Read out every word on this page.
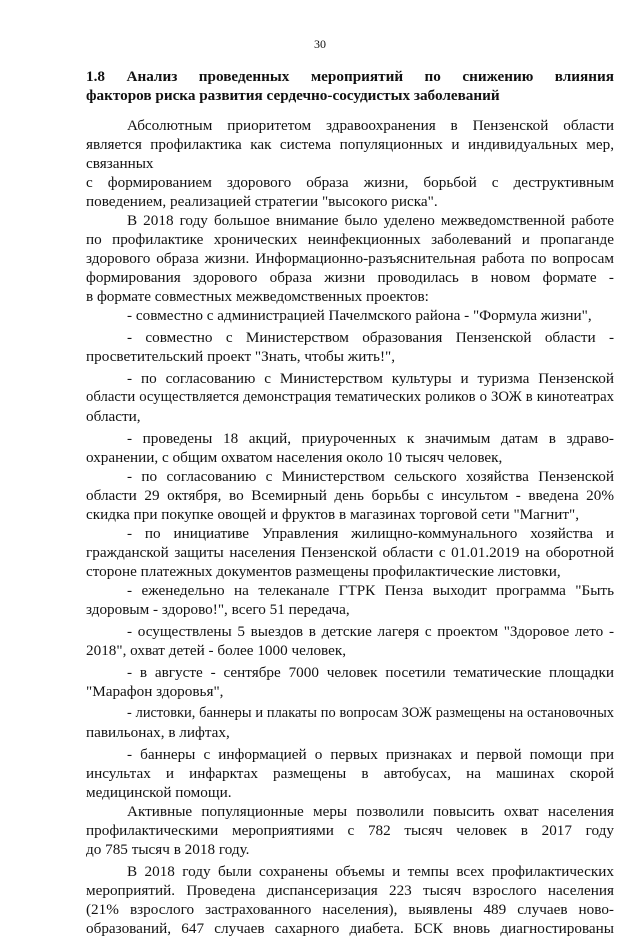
30
1.8 Анализ проведенных мероприятий по снижению влияния
факторов риска развития сердечно-сосудистых заболеваний
Абсолютным приоритетом здравоохранения в Пензенской области
является профилактика как система популяционных и индивидуальных мер,
связанных
с формированием здорового образа жизни, борьбой с деструктивным
поведением, реализацией стратегии "высокого риска".
В 2018 году большое внимание было уделено межведомственной работе
по профилактике хронических неинфекционных заболеваний и пропаганде
здорового образа жизни. Информационно-разъяснительная работа по вопросам
формирования здорового образа жизни проводилась в новом формате -
в формате совместных межведомственных проектов:
- совместно с администрацией Пачелмского района - "Формула жизни",
- совместно с Министерством образования Пензенской области -
просветительский проект "Знать, чтобы жить!",
- по согласованию с Министерством культуры и туризма Пензенской
области осуществляется демонстрация тематических роликов о ЗОЖ в кинотеатрах
области,
- проведены 18 акций, приуроченных к значимым датам в здраво-
охранении, с общим охватом населения около 10 тысяч человек,
- по согласованию с Министерством сельского хозяйства Пензенской
области 29 октября, во Всемирный день борьбы с инсультом - введена 20%
скидка при покупке овощей и фруктов в магазинах торговой сети "Магнит",
- по инициативе Управления жилищно-коммунального хозяйства и
гражданской защиты населения Пензенской области с 01.01.2019 на оборотной
стороне платежных документов размещены профилактические листовки,
- еженедельно на телеканале ГТРК Пенза выходит программа "Быть
здоровым - здорово!", всего 51 передача,
- осуществлены 5 выездов в детские лагеря с проектом "Здоровое лето -
2018", охват детей - более 1000 человек,
- в августе - сентябре 7000 человек посетили тематические площадки
"Марафон здоровья",
- листовки, баннеры и плакаты по вопросам ЗОЖ размещены на остановочных
павильонах, в лифтах,
- баннеры с информацией о первых признаках и первой помощи при
инсультах и инфарктах размещены в автобусах, на машинах скорой
медицинской помощи.
Активные популяционные меры позволили повысить охват населения
профилактическими мероприятиями с 782 тысяч человек в 2017 году
до 785 тысяч в 2018 году.
В 2018 году были сохранены объемы и темпы всех профилактических
мероприятий. Проведена диспансеризация 223 тысяч взрослого населения
(21% взрослого застрахованного населения), выявлены 489 случаев ново-
образований, 647 случаев сахарного диабета. БСК вновь диагностированы
